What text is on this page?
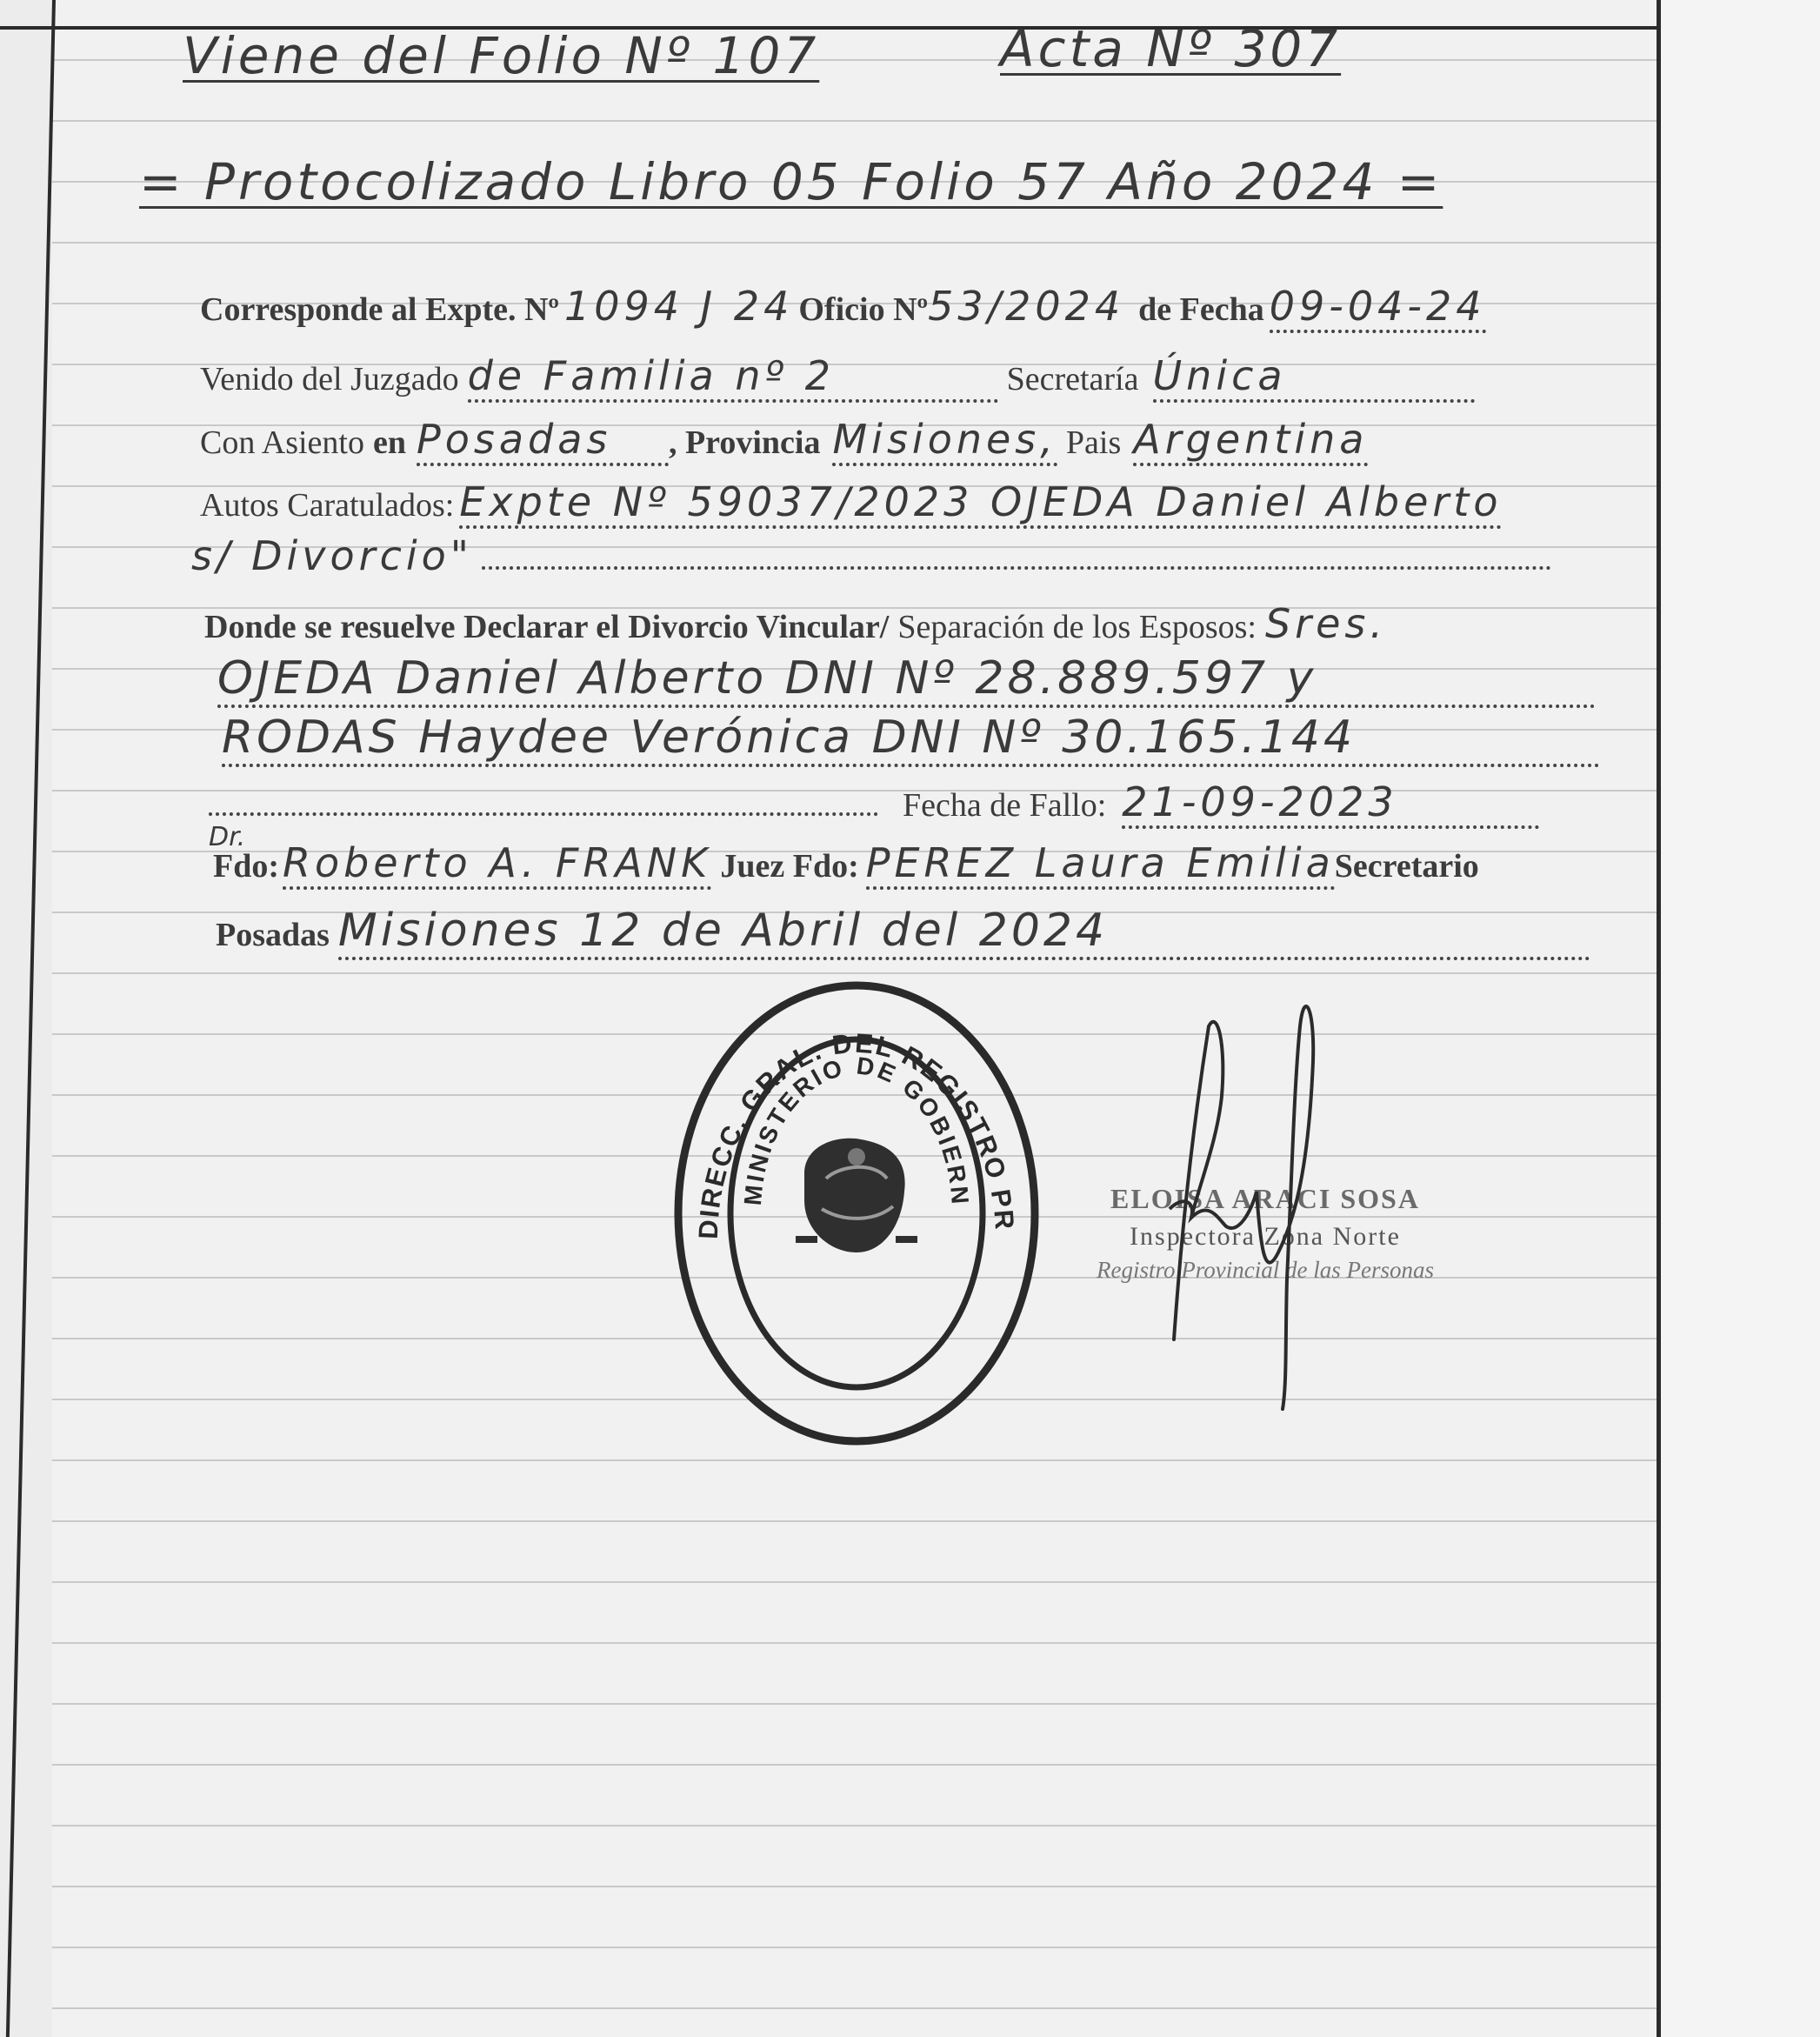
Viene del Folio Nº 107	Acta Nº 307
= Protocolizado Libro 05 Folio 57 Año 2024 =
Corresponde al Expte. Nº 1094 J 24 Oficio Nº 53/2024 de Fecha 09-04-24
Venido del Juzgado de Familia nº 2	Secretaría Única
Con Asiento en Posadas	, Provincia Misiones, Pais Argentina
Autos Caratulados: Expte Nº 59037/2023 OJEDA Daniel Alberto
s/ Divorcio"
Donde se resuelve Declarar el Divorcio Vincular/ Separación de los Esposos: Sres.
OJEDA Daniel Alberto DNI Nº 28.889.597 y
RODAS Haydee Verónica DNI Nº 30.165.144
Fecha de Fallo: 21-09-2023
Dr.
Fdo: Roberto A. FRANK Juez Fdo: PEREZ Laura Emilia Secretario
Posadas Misiones 12 de Abril del 2024
DIRECC. GRAL. DEL REGISTRO PR
MINISTERIO DE GOBIERN	ELOISA ARACI SOSA
Inspectora Zona Norte
Registro Provincial de las Personas
